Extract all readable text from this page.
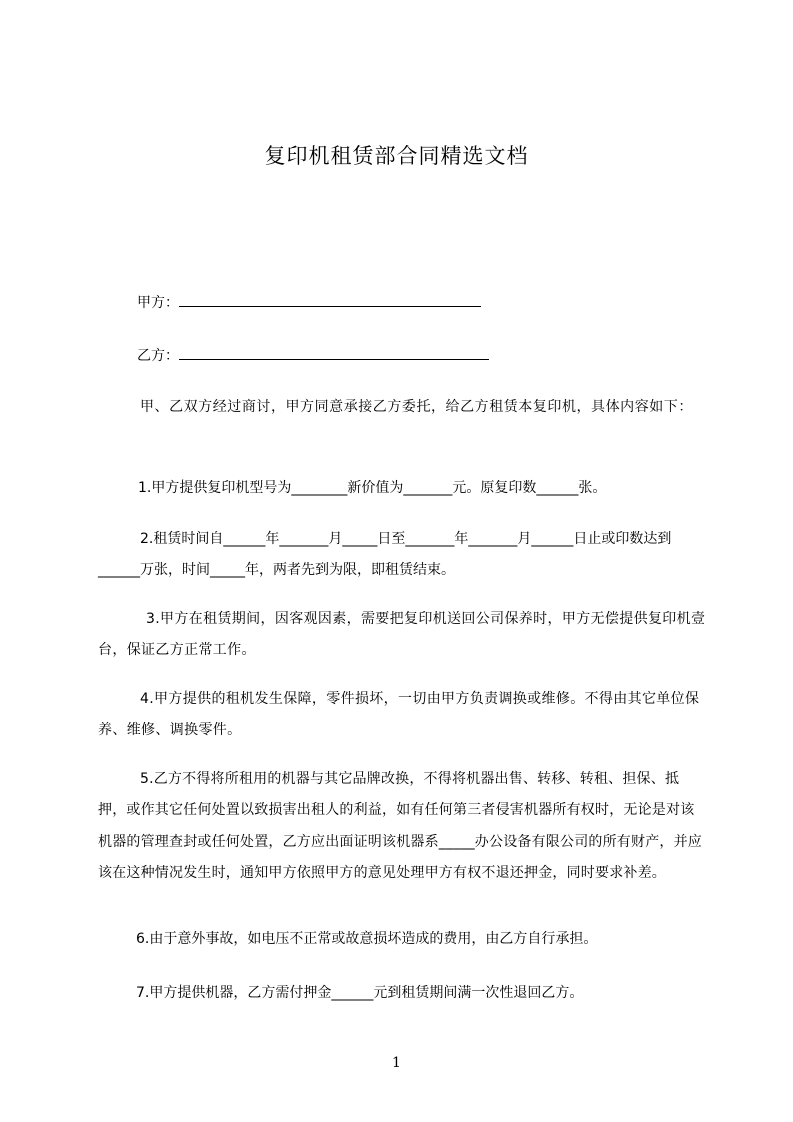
复印机租赁部合同精选文档
甲方：
乙方：
甲、乙双方经过商讨，甲方同意承接乙方委托，给乙方租赁本复印机，具体内容如下：
1.甲方提供复印机型号为________新价值为_______元。原复印数______张。
2.租赁时间自______年_______月_____日至_______年_______月______日止或印数达到______万张，时间_____年，两者先到为限，即租赁结束。
3.甲方在租赁期间，因客观因素，需要把复印机送回公司保养时，甲方无偿提供复印机壹台，保证乙方正常工作。
4.甲方提供的租机发生保障，零件损坏，一切由甲方负责调换或维修。不得由其它单位保养、维修、调换零件。
5.乙方不得将所租用的机器与其它品牌改换，不得将机器出售、转移、转租、担保、抵押，或作其它任何处置以致损害出租人的利益，如有任何第三者侵害机器所有权时，无论是对该机器的管理查封或任何处置，乙方应出面证明该机器系_____办公设备有限公司的所有财产，并应该在这种情况发生时，通知甲方依照甲方的意见处理甲方有权不退还押金，同时要求补差。
6.由于意外事故，如电压不正常或故意损坏造成的费用，由乙方自行承担。
7.甲方提供机器，乙方需付押金______元到租赁期间满一次性退回乙方。
1
